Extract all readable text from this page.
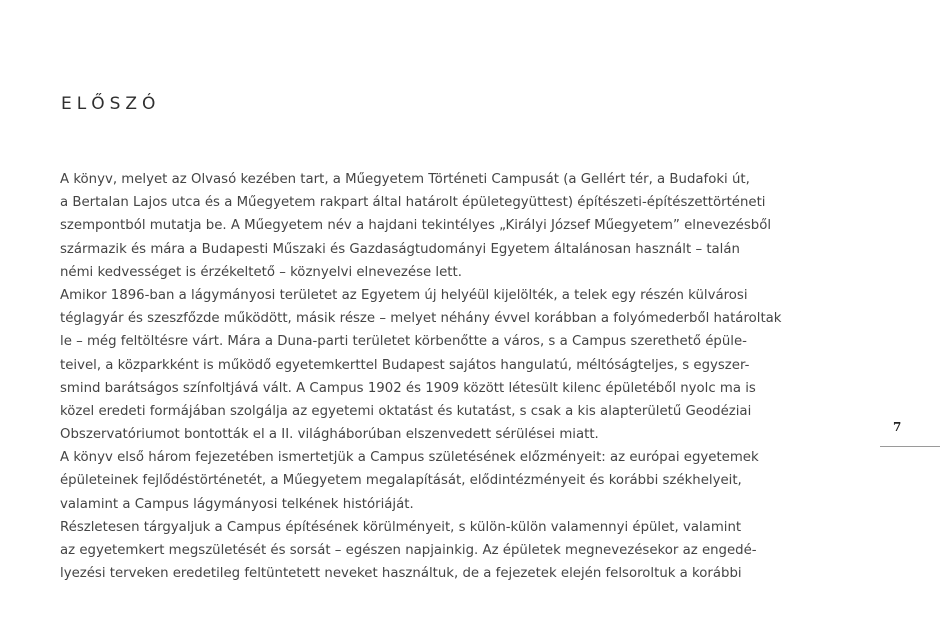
ELŐSZÓ
A könyv, melyet az Olvasó kezében tart, a Műegyetem Történeti Campusát (a Gellért tér, a Budafoki út,
a Bertalan Lajos utca és a Műegyetem rakpart által határolt épületegyüttest) építészeti-építészettörténeti
szempontból mutatja be. A Műegyetem név a hajdani tekintélyes „Királyi József Műegyetem” elnevezésből
származik és mára a Budapesti Műszaki és Gazdaságtudományi Egyetem általánosan használt – talán
némi kedvességet is érzékeltető – köznyelvi elnevezése lett.
Amikor 1896-ban a lágymányosi területet az Egyetem új helyéül kijelölték, a telek egy részén külvárosi
téglagyár és szeszfőzde működött, másik része – melyet néhány évvel korábban a folyómederből határoltak
le – még feltöltésre várt. Mára a Duna-parti területet körbenőtte a város, s a Campus szerethető épüle-
teivel, a közparkként is működő egyetemkerttel Budapest sajátos hangulatú, méltóságteljes, s egyszer-
smind barátságos színfoltjává vált. A Campus 1902 és 1909 között létesült kilenc épületéből nyolc ma is
közel eredeti formájában szolgálja az egyetemi oktatást és kutatást, s csak a kis alapterületű Geodéziai
Obszervatóriumot bontották el a II. világháborúban elszenvedett sérülései miatt.
A könyv első három fejezetében ismertetjük a Campus születésének előzményeit: az európai egyetemek
épületeinek fejlődéstörténetét, a Műegyetem megalapítását, elődintézményeit és korábbi székhelyeit,
valamint a Campus lágymányosi telkének históriáját.
Részletesen tárgyaljuk a Campus építésének körülményeit, s külön-külön valamennyi épület, valamint
az egyetemkert megszületését és sorsát – egészen napjainkig. Az épületek megnevezésekor az engedé-
lyezési terveken eredetileg feltüntetett neveket használtuk, de a fejezetek elején felsoroltuk a korábbi
7
